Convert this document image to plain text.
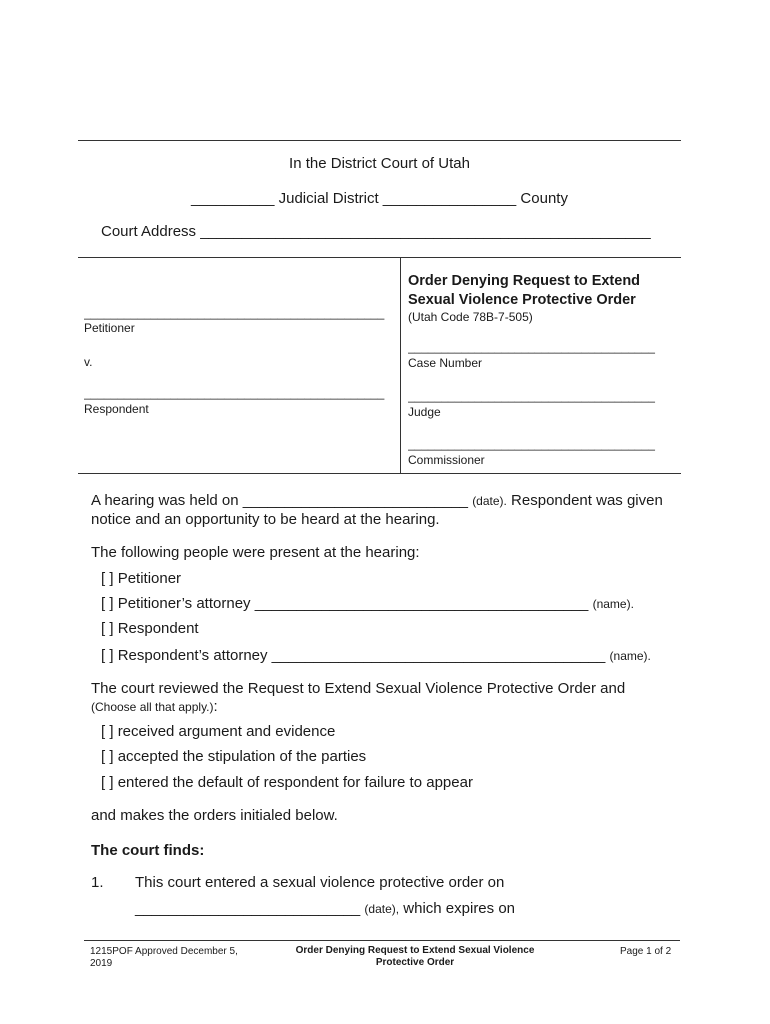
In the District Court of Utah
__________ Judicial District ________________ County
Court Address ______________________________________________________
_____________________________________________
Petitioner
v.
_____________________________________________
Respondent
Order Denying Request to Extend
Sexual Violence Protective Order
(Utah Code 78B-7-505)
_____________________________________
Case Number
_____________________________________
Judge
_____________________________________
Commissioner
A hearing was held on ___________________________ (date). Respondent was given
notice and an opportunity to be heard at the hearing.
The following people were present at the hearing:
[ ] Petitioner
[ ] Petitioner’s attorney ________________________________________ (name).
[ ] Respondent
[ ] Respondent’s attorney ________________________________________ (name).
The court reviewed the Request to Extend Sexual Violence Protective Order and
(Choose all that apply.):
[ ] received argument and evidence
[ ] accepted the stipulation of the parties
[ ] entered the default of respondent for failure to appear
and makes the orders initialed below.
The court finds:
1. This court entered a sexual violence protective order on
___________________________ (date), which expires on
1215POF Approved December 5,
2019
Order Denying Request to Extend Sexual Violence
Protective Order
Page 1 of 2
